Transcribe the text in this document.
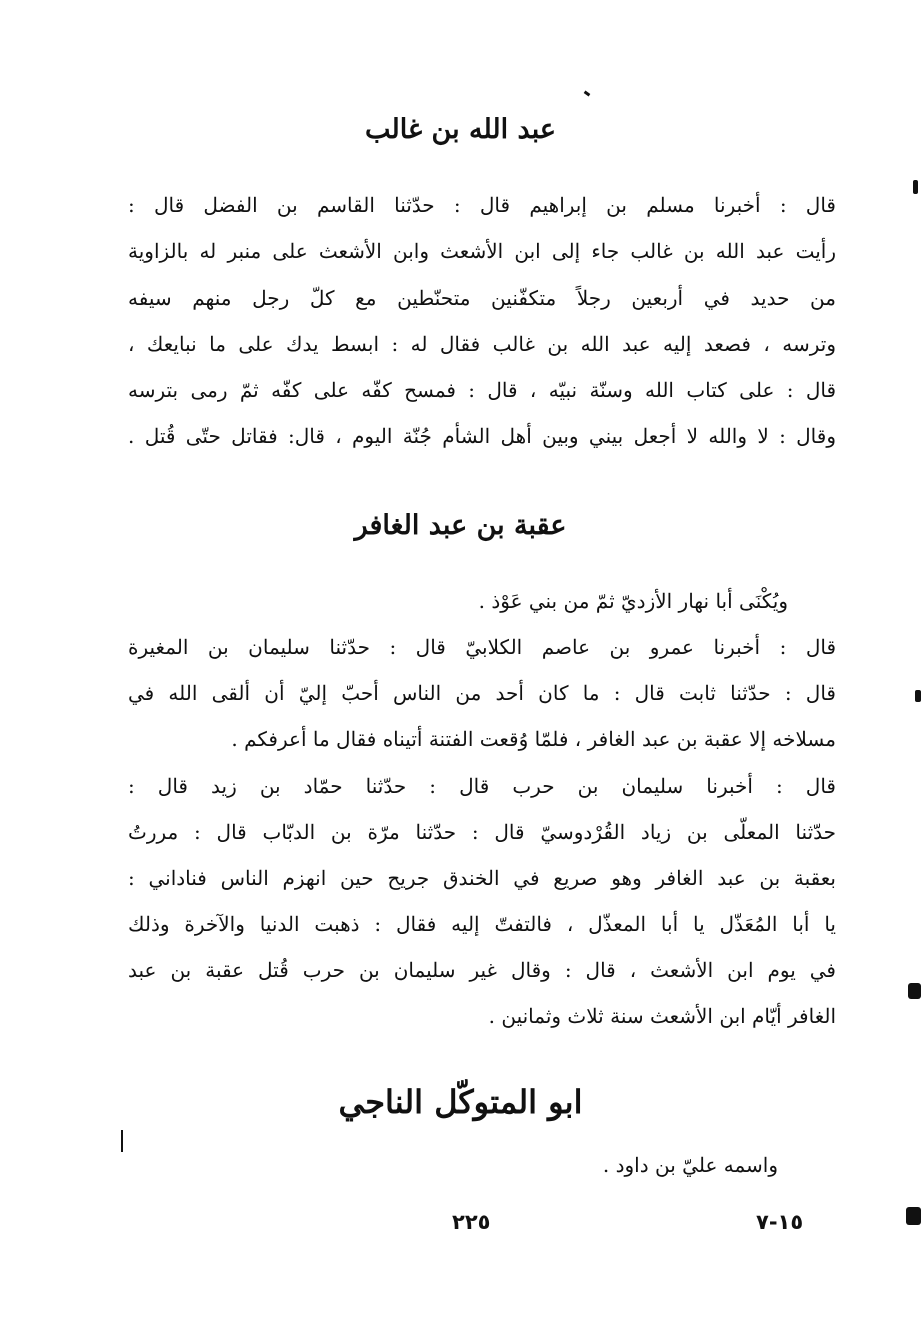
عبد الله بن غالب

قال : أخبرنا مسلم بن إبراهيم قال : حدّثنا القاسم بن الفضل قال :

رأيت عبد الله بن غالب جاء إلى ابن الأشعث وابن الأشعث على منبر له بالزاوية

من حديد في أربعين رجلاً متكفّنين متحنّطين مع كلّ رجل منهم سيفه

وترسه ، فصعد إليه عبد الله بن غالب فقال له : ابسط يدك على ما نبايعك ،

قال : على كتاب الله وسنّة نبيّه ، قال : فمسح كفّه على كفّه ثمّ رمى بترسه

وقال : لا والله لا أجعل بيني وبين أهل الشأم جُنّة اليوم ، قال: فقاتل حتّى قُتل .

عقبة بن عبد الغافر

ويُكْنَى أبا نهار الأزديّ ثمّ من بني عَوْذ .

قال : أخبرنا عمرو بن عاصم الكلابيّ قال : حدّثنا سليمان بن المغيرة

قال : حدّثنا ثابت قال : ما كان أحد من الناس أحبّ إليّ أن ألقى الله في

مسلاخه إلا عقبة بن عبد الغافر ، فلمّا وُقعت الفتنة أتيناه فقال ما أعرفكم .

قال : أخبرنا سليمان بن حرب قال : حدّثنا حمّاد بن زيد قال :

حدّثنا المعلّى بن زياد القُرْدوسيّ قال : حدّثنا مرّة بن الدبّاب قال : مررتُ

بعقبة بن عبد الغافر وهو صريع في الخندق جريح حين انهزم الناس فناداني :

يا أبا المُعَذّل يا أبا المعذّل ، فالتفتّ إليه فقال : ذهبت الدنيا والآخرة وذلك

في يوم ابن الأشعث ، قال : وقال غير سليمان بن حرب قُتل عقبة بن عبد

الغافر أيّام ابن الأشعث سنة ثلاث وثمانين .

ابو المتوكّل الناجي

واسمه عليّ بن داود .

٢٢٥	١٥-٧
